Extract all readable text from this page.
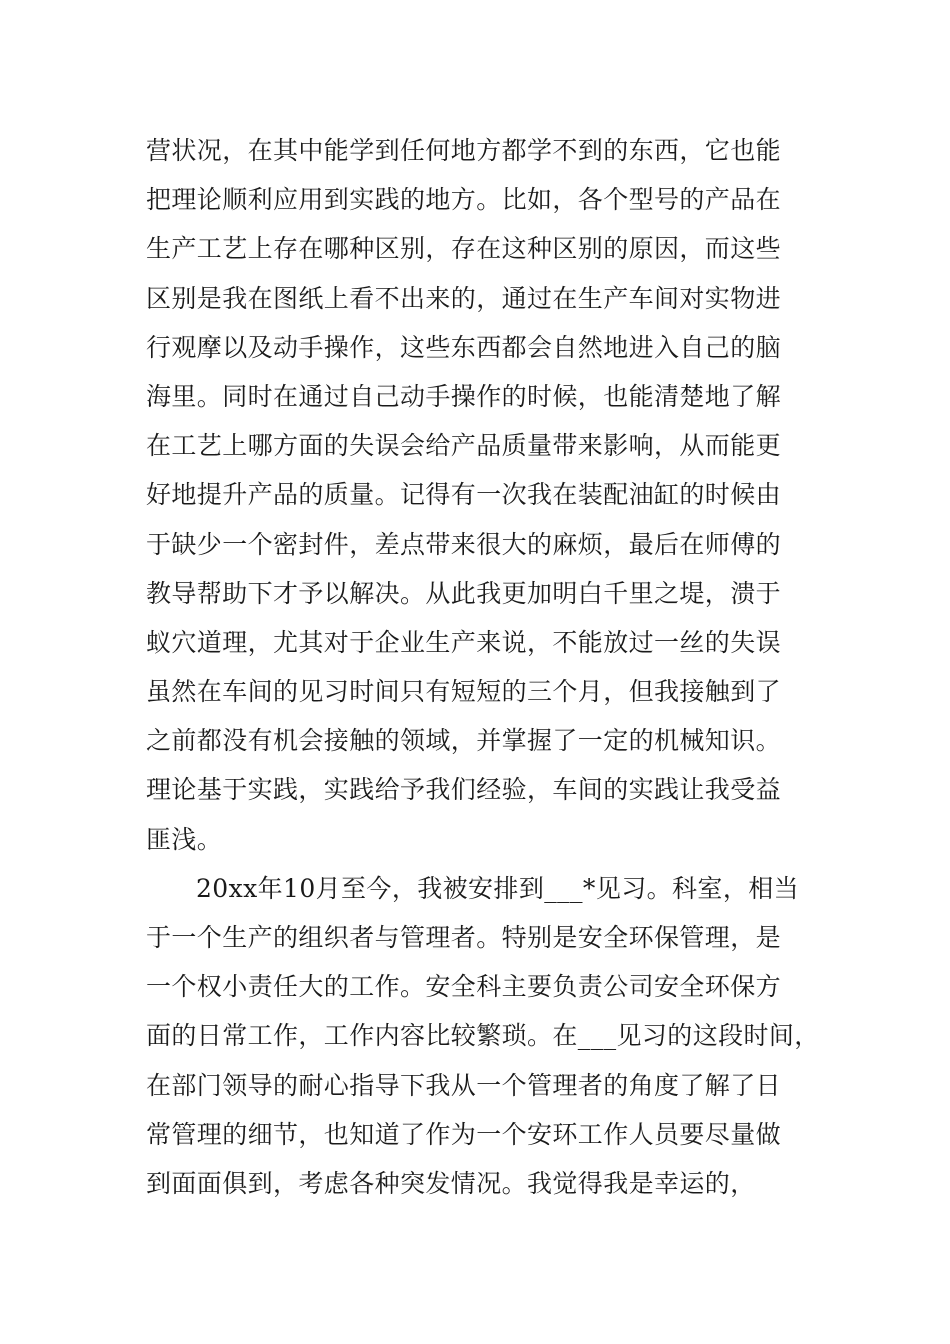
营状况，在其中能学到任何地方都学不到的东西，它也能
把理论顺利应用到实践的地方。比如，各个型号的产品在
生产工艺上存在哪种区别，存在这种区别的原因，而这些
区别是我在图纸上看不出来的，通过在生产车间对实物进
行观摩以及动手操作，这些东西都会自然地进入自己的脑
海里。同时在通过自己动手操作的时候，也能清楚地了解
在工艺上哪方面的失误会给产品质量带来影响，从而能更
好地提升产品的质量。记得有一次我在装配油缸的时候由
于缺少一个密封件，差点带来很大的麻烦，最后在师傅的
教导帮助下才予以解决。从此我更加明白千里之堤，溃于
蚁穴道理，尤其对于企业生产来说，不能放过一丝的失误
虽然在车间的见习时间只有短短的三个月，但我接触到了
之前都没有机会接触的领域，并掌握了一定的机械知识。
理论基于实践，实践给予我们经验，车间的实践让我受益
匪浅。
20xx年10月至今，我被安排到___*见习。科室，相当
于一个生产的组织者与管理者。特别是安全环保管理，是
一个权小责任大的工作。安全科主要负责公司安全环保方
面的日常工作，工作内容比较繁琐。在___见习的这段时间，
在部门领导的耐心指导下我从一个管理者的角度了解了日
常管理的细节，也知道了作为一个安环工作人员要尽量做
到面面俱到，考虑各种突发情况。我觉得我是幸运的，
